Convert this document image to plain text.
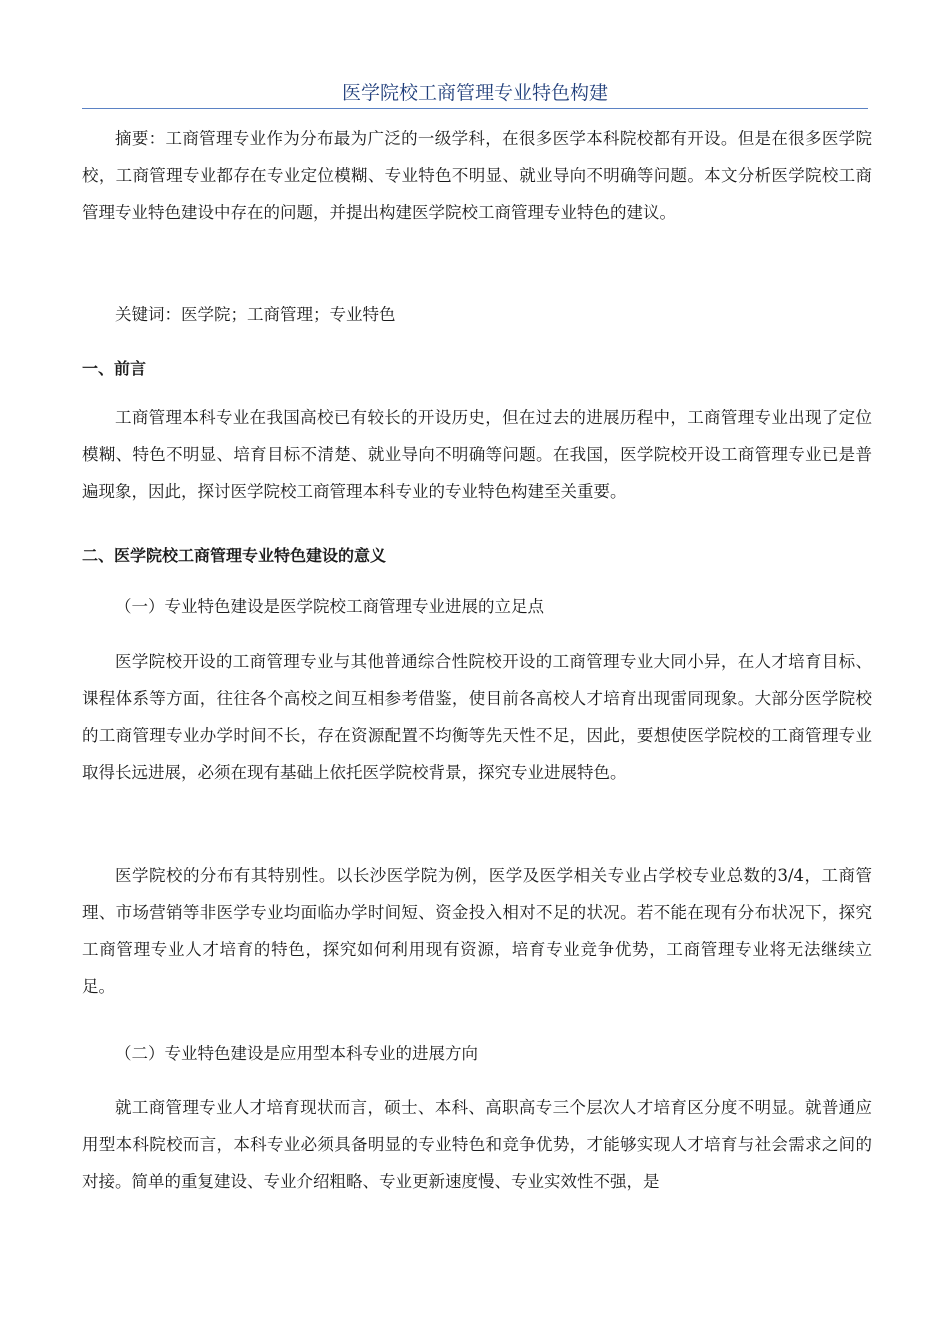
医学院校工商管理专业特色构建

摘要：工商管理专业作为分布最为广泛的一级学科，在很多医学本科院校都有开设。但是在很多医学院校，工商管理专业都存在专业定位模糊、专业特色不明显、就业导向不明确等问题。本文分析医学院校工商管理专业特色建设中存在的问题，并提出构建医学院校工商管理专业特色的建议。

关键词：医学院；工商管理；专业特色

一、前言

工商管理本科专业在我国高校已有较长的开设历史，但在过去的进展历程中，工商管理专业出现了定位模糊、特色不明显、培育目标不清楚、就业导向不明确等问题。在我国，医学院校开设工商管理专业已是普遍现象，因此，探讨医学院校工商管理本科专业的专业特色构建至关重要。

二、医学院校工商管理专业特色建设的意义

（一）专业特色建设是医学院校工商管理专业进展的立足点

医学院校开设的工商管理专业与其他普通综合性院校开设的工商管理专业大同小异，在人才培育目标、课程体系等方面，往往各个高校之间互相参考借鉴，使目前各高校人才培育出现雷同现象。大部分医学院校的工商管理专业办学时间不长，存在资源配置不均衡等先天性不足，因此，要想使医学院校的工商管理专业取得长远进展，必须在现有基础上依托医学院校背景，探究专业进展特色。

医学院校的分布有其特别性。以长沙医学院为例，医学及医学相关专业占学校专业总数的3/4，工商管理、市场营销等非医学专业均面临办学时间短、资金投入相对不足的状况。若不能在现有分布状况下，探究工商管理专业人才培育的特色，探究如何利用现有资源，培育专业竞争优势，工商管理专业将无法继续立足。

（二）专业特色建设是应用型本科专业的进展方向

就工商管理专业人才培育现状而言，硕士、本科、高职高专三个层次人才培育区分度不明显。就普通应用型本科院校而言，本科专业必须具备明显的专业特色和竞争优势，才能够实现人才培育与社会需求之间的对接。简单的重复建设、专业介绍粗略、专业更新速度慢、专业实效性不强，是
